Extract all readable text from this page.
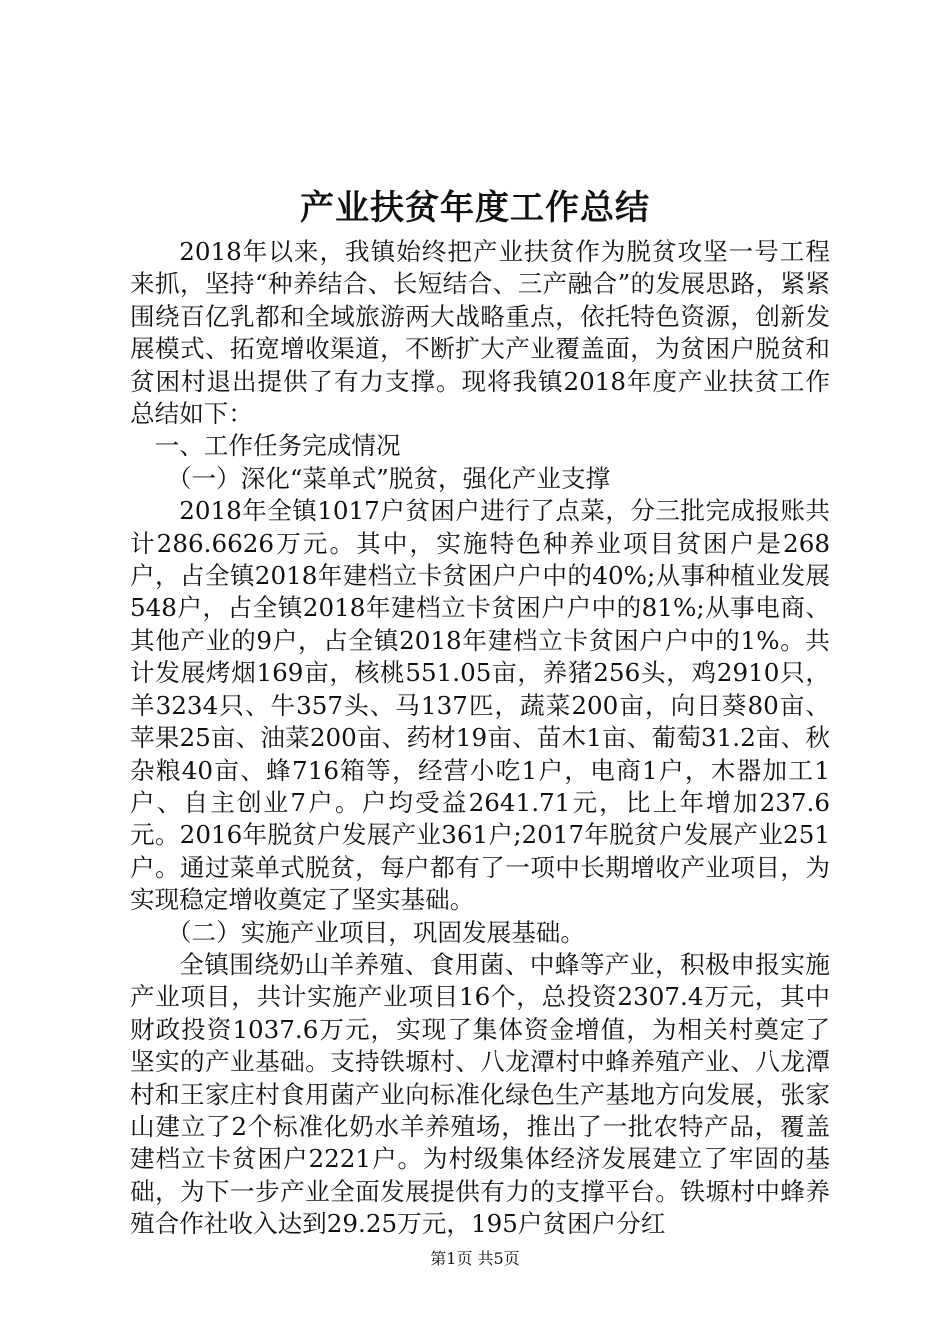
产业扶贫年度工作总结

2018年以来，我镇始终把产业扶贫作为脱贫攻坚一号工程来抓，坚持“种养结合、长短结合、三产融合”的发展思路，紧紧围绕百亿乳都和全域旅游两大战略重点，依托特色资源，创新发展模式、拓宽增收渠道，不断扩大产业覆盖面，为贫困户脱贫和贫困村退出提供了有力支撑。现将我镇2018年度产业扶贫工作总结如下：

一、工作任务完成情况

（一）深化“菜单式”脱贫，强化产业支撑

2018年全镇1017户贫困户进行了点菜，分三批完成报账共计286.6626万元。其中，实施特色种养业项目贫困户是268户，占全镇2018年建档立卡贫困户户中的40%;从事种植业发展548户，占全镇2018年建档立卡贫困户户中的81%;从事电商、其他产业的9户，占全镇2018年建档立卡贫困户户中的1%。共计发展烤烟169亩，核桃551.05亩，养猪256头，鸡2910只，羊3234只、牛357头、马137匹，蔬菜200亩，向日葵80亩、苹果25亩、油菜200亩、药材19亩、苗木1亩、葡萄31.2亩、秋杂粮40亩、蜂716箱等，经营小吃1户，电商1户，木器加工1户、自主创业7户。户均受益2641.71元，比上年增加237.6元。2016年脱贫户发展产业361户;2017年脱贫户发展产业251户。通过菜单式脱贫，每户都有了一项中长期增收产业项目，为实现稳定增收奠定了坚实基础。

（二）实施产业项目，巩固发展基础。

全镇围绕奶山羊养殖、食用菌、中蜂等产业，积极申报实施产业项目，共计实施产业项目16个，总投资2307.4万元，其中财政投资1037.6万元，实现了集体资金增值，为相关村奠定了坚实的产业基础。支持铁塬村、八龙潭村中蜂养殖产业、八龙潭村和王家庄村食用菌产业向标准化绿色生产基地方向发展，张家山建立了2个标准化奶水羊养殖场，推出了一批农特产品，覆盖建档立卡贫困户2221户。为村级集体经济发展建立了牢固的基础，为下一步产业全面发展提供有力的支撑平台。铁塬村中蜂养殖合作社收入达到29.25万元，195户贫困户分红

第1页 共5页
